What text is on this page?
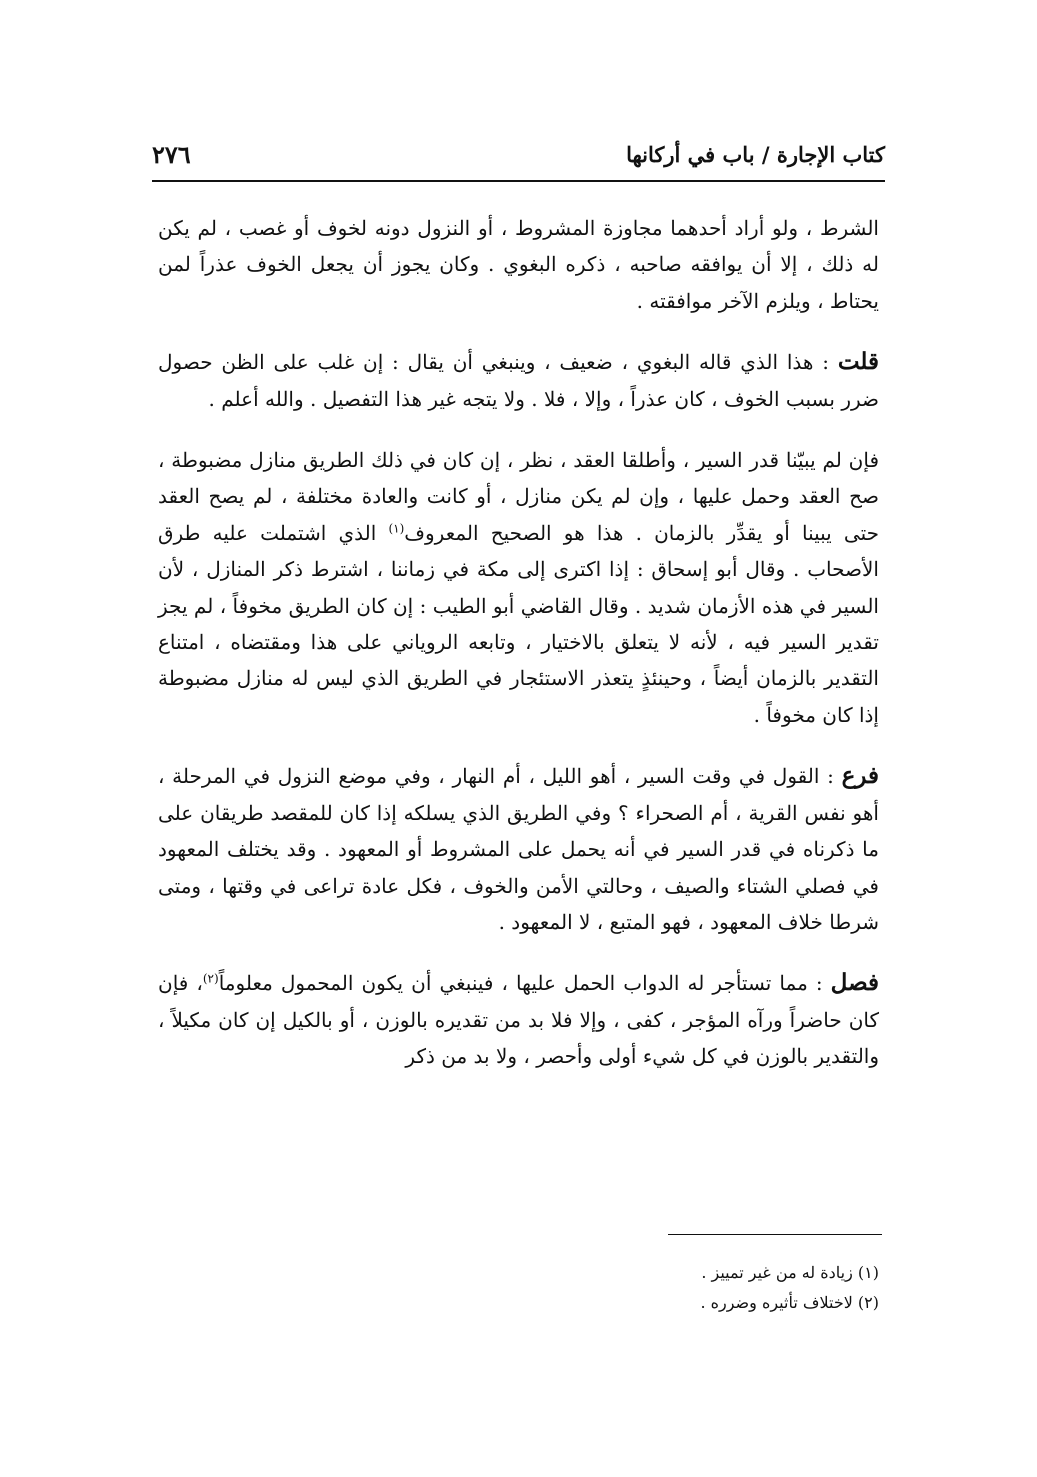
كتاب الإجارة / باب في أركانها
٢٧٦

الشرط ، ولو أراد أحدهما مجاوزة المشروط ، أو النزول دونه لخوف أو غصب ، لم يكن له ذلك ، إلا أن يوافقه صاحبه ، ذكره البغوي . وكان يجوز أن يجعل الخوف عذراً لمن يحتاط ، ويلزم الآخر موافقته .

قلت : هذا الذي قاله البغوي ، ضعيف ، وينبغي أن يقال : إن غلب على الظن حصول ضرر بسبب الخوف ، كان عذراً ، وإلا ، فلا . ولا يتجه غير هذا التفصيل . والله أعلم .

فإن لم يبيّنا قدر السير ، وأطلقا العقد ، نظر ، إن كان في ذلك الطريق منازل مضبوطة ، صح العقد وحمل عليها ، وإن لم يكن منازل ، أو كانت والعادة مختلفة ، لم يصح العقد حتى يبينا أو يقدِّر بالزمان . هذا هو الصحيح المعروف$^{(١)}$ الذي اشتملت عليه طرق الأصحاب . وقال أبو إسحاق : إذا اكترى إلى مكة في زماننا ، اشترط ذكر المنازل ، لأن السير في هذه الأزمان شديد . وقال القاضي أبو الطيب : إن كان الطريق مخوفاً ، لم يجز تقدير السير فيه ، لأنه لا يتعلق بالاختيار ، وتابعه الروياني على هذا ومقتضاه ، امتناع التقدير بالزمان أيضاً ، وحينئذٍ يتعذر الاستئجار في الطريق الذي ليس له منازل مضبوطة إذا كان مخوفاً .

فرع : القول في وقت السير ، أهو الليل ، أم النهار ، وفي موضع النزول في المرحلة ، أهو نفس القرية ، أم الصحراء ؟ وفي الطريق الذي يسلكه إذا كان للمقصد طريقان على ما ذكرناه في قدر السير في أنه يحمل على المشروط أو المعهود . وقد يختلف المعهود في فصلي الشتاء والصيف ، وحالتي الأمن والخوف ، فكل عادة تراعى في وقتها ، ومتى شرطا خلاف المعهود ، فهو المتبع ، لا المعهود .

فصل : مما تستأجر له الدواب الحمل عليها ، فينبغي أن يكون المحمول معلوماً$^{(٢)}$، فإن كان حاضراً ورآه المؤجر ، كفى ، وإلا فلا بد من تقديره بالوزن ، أو بالكيل إن كان مكيلاً ، والتقدير بالوزن في كل شيء أولى وأحصر ، ولا بد من ذكر

(١) زيادة له من غير تمييز .

(٢) لاختلاف تأثيره وضرره .
